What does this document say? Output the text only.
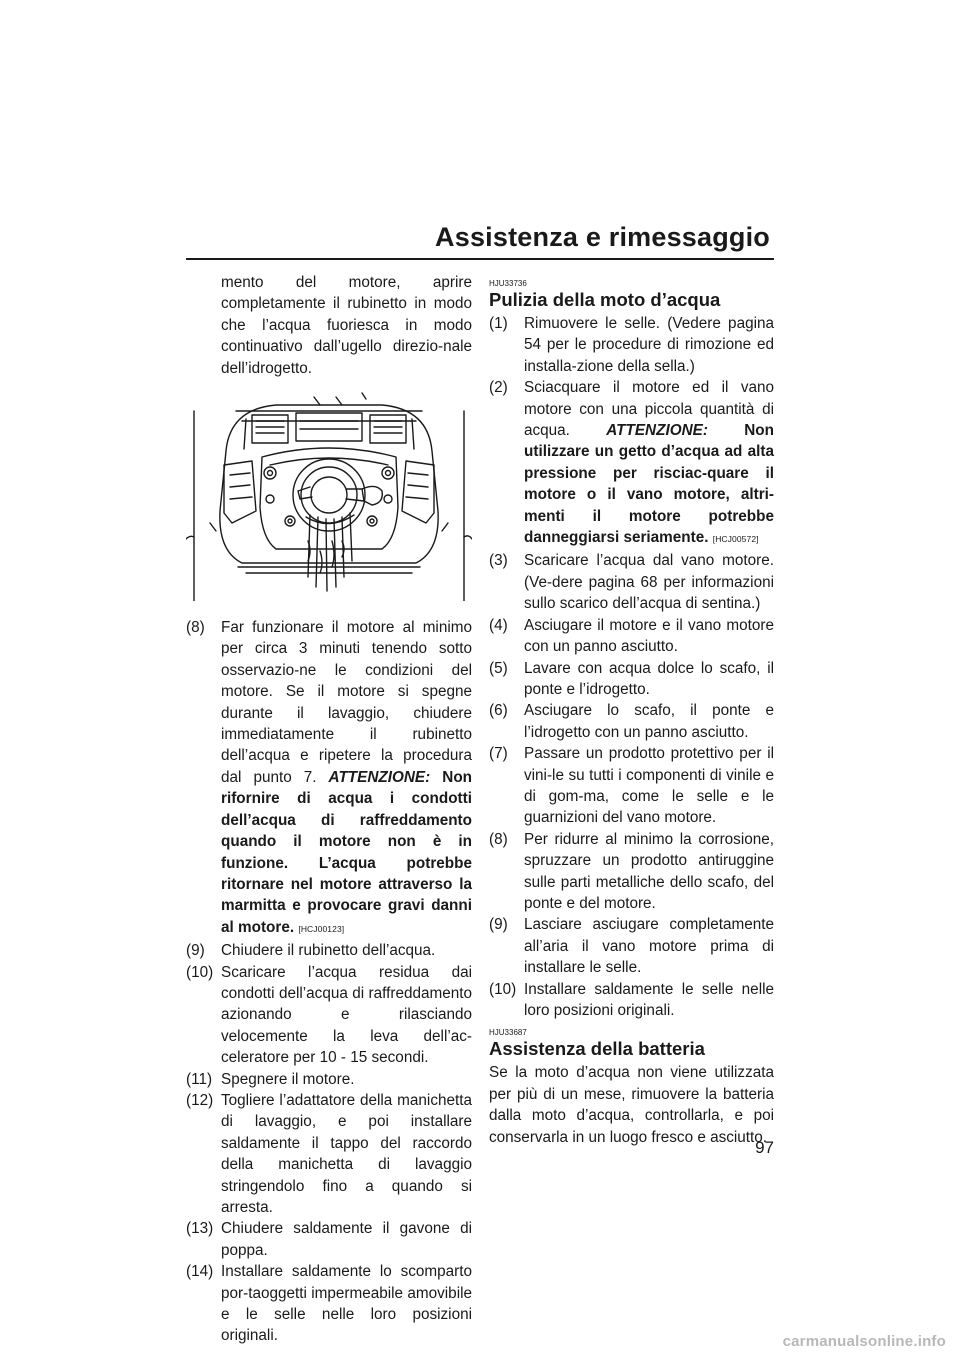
Assistenza e rimessaggio

mento del motore, aprire completamente il rubinetto in modo che l’acqua fuoriesca in modo continuativo dall’ugello direzio-nale dell’idrogetto.

(8) Far funzionare il motore al minimo per circa 3 minuti tenendo sotto osservazio-ne le condizioni del motore. Se il motore si spegne durante il lavaggio, chiudere immediatamente il rubinetto dell’acqua e ripetere la procedura dal punto 7. ATTENZIONE: Non rifornire di acqua i condotti dell’acqua di raffreddamento quando il motore non è in funzione. L’acqua potrebbe ritornare nel motore attraverso la marmitta e provocare gravi danni al motore. [HCJ00123]
(9) Chiudere il rubinetto dell’acqua.
(10) Scaricare l’acqua residua dai condotti dell’acqua di raffreddamento azionando e rilasciando velocemente la leva dell’ac-celeratore per 10 - 15 secondi.
(11) Spegnere il motore.
(12) Togliere l’adattatore della manichetta di lavaggio, e poi installare saldamente il tappo del raccordo della manichetta di lavaggio stringendolo fino a quando si arresta.
(13) Chiudere saldamente il gavone di poppa.
(14) Installare saldamente lo scomparto por-taoggetti impermeabile amovibile e le selle nelle loro posizioni originali.
HJU33736
Pulizia della moto d’acqua
(1) Rimuovere le selle. (Vedere pagina 54 per le procedure di rimozione ed installa-zione della sella.)
(2) Sciacquare il motore ed il vano motore con una piccola quantità di acqua. ATTENZIONE: Non utilizzare un getto d’acqua ad alta pressione per risciac-quare il motore o il vano motore, altri-menti il motore potrebbe danneggiarsi seriamente. [HCJ00572]
(3) Scaricare l’acqua dal vano motore. (Ve-dere pagina 68 per informazioni sullo scarico dell’acqua di sentina.)
(4) Asciugare il motore e il vano motore con un panno asciutto.
(5) Lavare con acqua dolce lo scafo, il ponte e l’idrogetto.
(6) Asciugare lo scafo, il ponte e l’idrogetto con un panno asciutto.
(7) Passare un prodotto protettivo per il vini-le su tutti i componenti di vinile e di gom-ma, come le selle e le guarnizioni del vano motore.
(8) Per ridurre al minimo la corrosione, spruzzare un prodotto antiruggine sulle parti metalliche dello scafo, del ponte e del motore.
(9) Lasciare asciugare completamente all’aria il vano motore prima di installare le selle.
(10) Installare saldamente le selle nelle loro posizioni originali.
HJU33687
Assistenza della batteria

Se la moto d’acqua non viene utilizzata per più di un mese, rimuovere la batteria dalla moto d’acqua, controllarla, e poi conservarla in un luogo fresco e asciutto.

97
carmanualsonline.info
